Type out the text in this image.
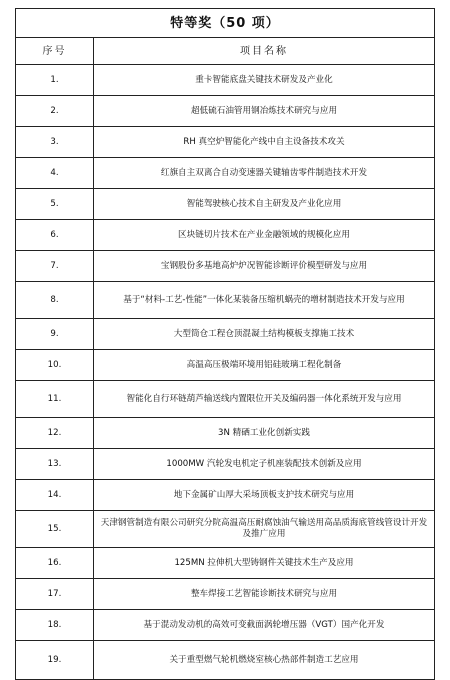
特等奖（50 项）	
序号	项目名称
1.	重卡智能底盘关键技术研发及产业化
2.	超低硫石油管用钢冶炼技术研究与应用
3.	RH 真空炉智能化产线中自主设备技术攻关
4.	红旗自主双离合自动变速器关键轴齿零件制造技术开发
5.	智能驾驶核心技术自主研发及产业化应用
6.	区块链切片技术在产业金融领域的规模化应用
7.	宝钢股份多基地高炉炉况智能诊断评价模型研发与应用
8.	基于“材料-工艺-性能”一体化某装备压缩机蜗壳的增材制造技术开发与应用
9.	大型筒仓工程仓顶混凝土结构模板支撑施工技术
10.	高温高压极端环境用铝硅玻璃工程化制备
11.	智能化自行环链葫芦输送线内置限位开关及编码器一体化系统开发与应用
12.	3N 精硒工业化创新实践
13.	1000MW 汽轮发电机定子机座装配技术创新及应用
14.	地下金属矿山厚大采场顶板支护技术研究与应用
15.	天津钢管制造有限公司研究分院高温高压耐腐蚀油气输送用高品质海底管线管设计开发及推广应用
16.	125MN 拉伸机大型铸钢件关键技术生产及应用
17.	整车焊接工艺智能诊断技术研究与应用
18.	基于混动发动机的高效可变截面涡轮增压器（VGT）国产化开发
19.	关于重型燃气轮机燃烧室核心热部件制造工艺应用
